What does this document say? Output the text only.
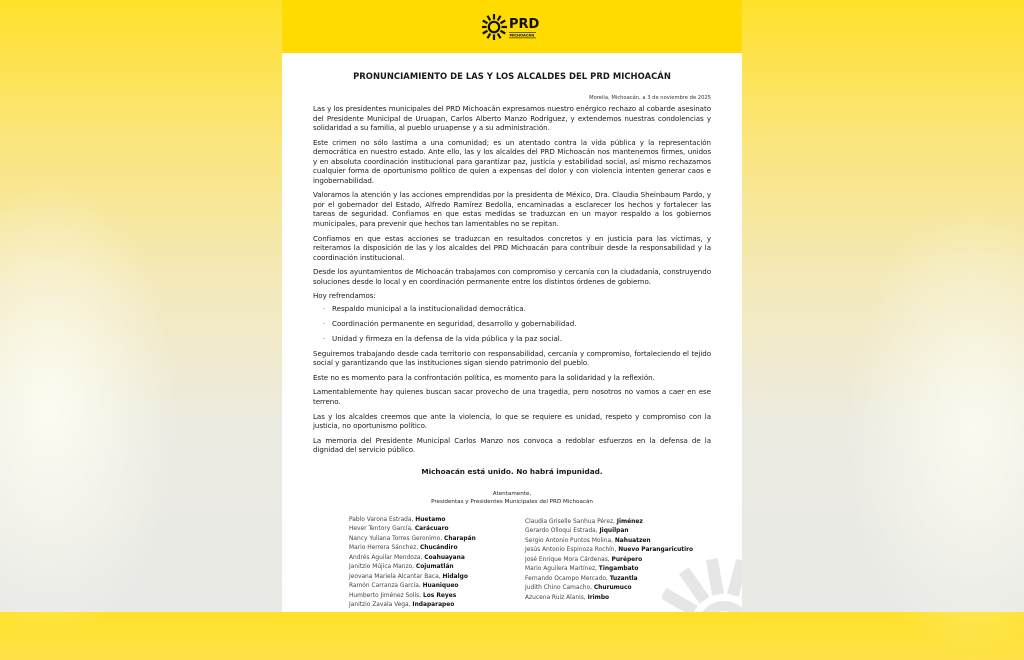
PRD
MICHOACÁN
PRONUNCIAMIENTO DE LAS Y LOS ALCALDES DEL PRD MICHOACÁN
Morelia, Michoacán, a 3 de noviembre de 2025

Las y los presidentes municipales del PRD Michoacán expresamos nuestro enérgico rechazo al cobarde asesinato del Presidente Municipal de Uruapan, Carlos Alberto Manzo Rodríguez, y extendemos nuestras condolencias y solidaridad a su familia, al pueblo uruapense y a su administración.

Este crimen no sólo lastima a una comunidad; es un atentado contra la vida pública y la representación democrática en nuestro estado. Ante ello, las y los alcaldes del PRD Michoacán nos mantenemos firmes, unidos y en absoluta coordinación institucional para garantizar paz, justicia y estabilidad social, así mismo rechazamos cualquier forma de oportunismo político de quien a expensas del dolor y con violencia intenten generar caos e ingobernabilidad.

Valoramos la atención y las acciones emprendidas por la presidenta de México, Dra. Claudia Sheinbaum Pardo, y por el gobernador del Estado, Alfredo Ramírez Bedolla, encaminadas a esclarecer los hechos y fortalecer las tareas de seguridad. Confiamos en que estas medidas se traduzcan en un mayor respaldo a los gobiernos municipales, para prevenir que hechos tan lamentables no se repitan.

Confiamos en que estas acciones se traduzcan en resultados concretos y en justicia para las víctimas, y reiteramos la disposición de las y los alcaldes del PRD Michoacán para contribuir desde la responsabilidad y la coordinación institucional.

Desde los ayuntamientos de Michoacán trabajamos con compromiso y cercanía con la ciudadanía, construyendo soluciones desde lo local y en coordinación permanente entre los distintos órdenes de gobierno.

Hoy refrendamos:

· Respaldo municipal a la institucionalidad democrática.
· Coordinación permanente en seguridad, desarrollo y gobernabilidad.
· Unidad y firmeza en la defensa de la vida pública y la paz social.

Seguiremos trabajando desde cada territorio con responsabilidad, cercanía y compromiso, fortaleciendo el tejido social y garantizando que las instituciones sigan siendo patrimonio del pueblo.

Este no es momento para la confrontación política, es momento para la solidaridad y la reflexión.

Lamentablemente hay quienes buscan sacar provecho de una tragedia, pero nosotros no vamos a caer en ese terreno.

Las y los alcaldes creemos que ante la violencia, lo que se requiere es unidad, respeto y compromiso con la justicia, no oportunismo político.

La memoria del Presidente Municipal Carlos Manzo nos convoca a redoblar esfuerzos en la defensa de la dignidad del servicio público.

Michoacán está unido. No habrá impunidad.
Atentamente,
Presidentas y Presidentes Municipales del PRD Michoacán
Pablo Varona Estrada, Huetamo
Hever Tentory García, Carácuaro
Nancy Yuliana Torres Geronimo, Charapán
Mario Herrera Sánchez, Chucándiro
Andrés Aguilar Mendoza, Coahuayana
Janitzio Mújica Manzo, Cojumatlán
Jeovana Mariela Alcantar Baca, Hidalgo
Ramón Carranza García, Huaniqueo
Humberto Jiménez Solís, Los Reyes
Janitzio Zavala Vega, Indaparapeo
Claudia Griselle Sanhua Pérez, Jiménez
Gerardo Olloqui Estrada, Jiquilpan
Sergio Antonio Puntos Molina, Nahuatzen
Jesús Antonio Espinoza Rochín, Nuevo Parangaricutiro
José Enrique Mora Cárdenas, Purépero
Mario Aguilera Martínez, Tingambato
Fernando Ocampo Mercado, Tuzantla
Judith Chino Camacho, Churumuco
Azucena Ruiz Alanis, Irimbo
